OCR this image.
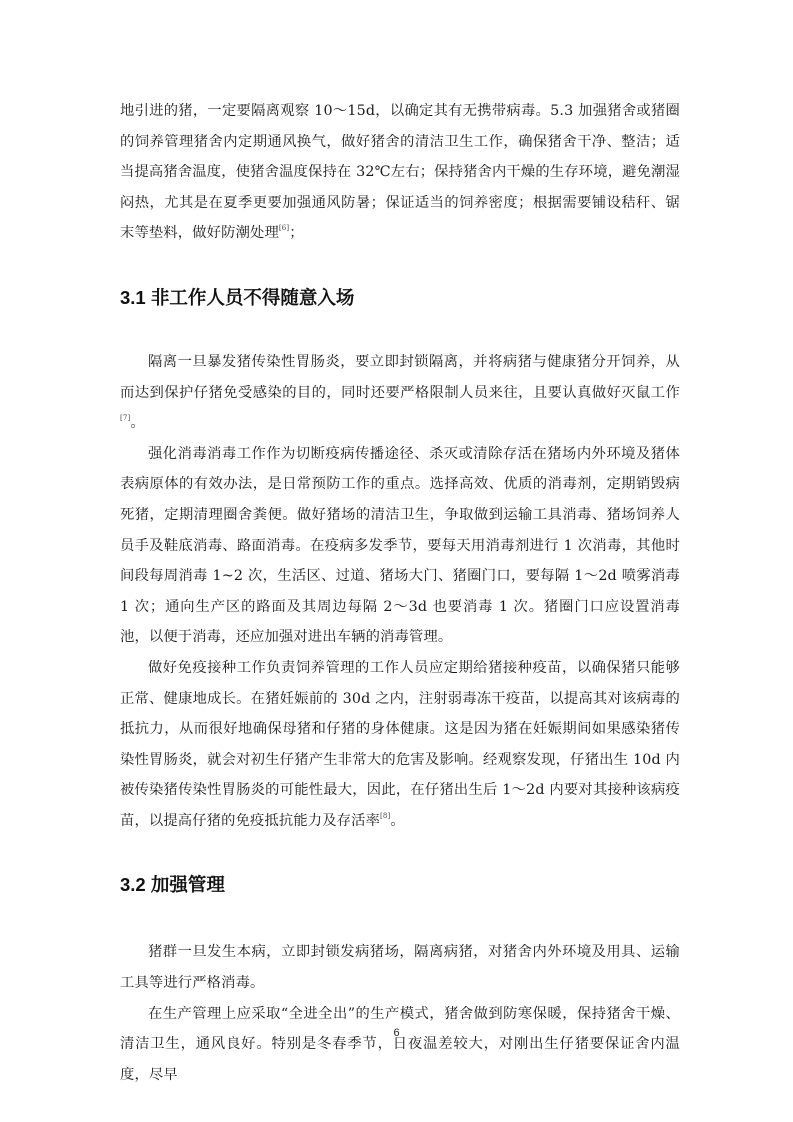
地引进的猪，一定要隔离观察 10～15d，以确定其有无携带病毒。5.3 加强猪舍或猪圈的饲养管理猪舍内定期通风换气，做好猪舍的清洁卫生工作，确保猪舍干净、整洁；适当提高猪舍温度，使猪舍温度保持在 32℃左右；保持猪舍内干燥的生存环境，避免潮湿闷热，尤其是在夏季更要加强通风防暑；保证适当的饲养密度；根据需要铺设秸秆、锯末等垫料，做好防潮处理[6]；

3.1 非工作人员不得随意入场

隔离一旦暴发猪传染性胃肠炎，要立即封锁隔离，并将病猪与健康猪分开饲养，从而达到保护仔猪免受感染的目的，同时还要严格限制人员来往，且要认真做好灭鼠工作[7]。

强化消毒消毒工作作为切断疫病传播途径、杀灭或清除存活在猪场内外环境及猪体表病原体的有效办法，是日常预防工作的重点。选择高效、优质的消毒剂，定期销毁病死猪，定期清理圈舍粪便。做好猪场的清洁卫生，争取做到运输工具消毒、猪场饲养人员手及鞋底消毒、路面消毒。在疫病多发季节，要每天用消毒剂进行 1 次消毒，其他时间段每周消毒 1~2 次，生活区、过道、猪场大门、猪圈门口，要每隔 1～2d 喷雾消毒 1 次；通向生产区的路面及其周边每隔 2～3d 也要消毒 1 次。猪圈门口应设置消毒池，以便于消毒，还应加强对进出车辆的消毒管理。

做好免疫接种工作负责饲养管理的工作人员应定期给猪接种疫苗，以确保猪只能够正常、健康地成长。在猪妊娠前的 30d 之内，注射弱毒冻干疫苗，以提高其对该病毒的抵抗力，从而很好地确保母猪和仔猪的身体健康。这是因为猪在妊娠期间如果感染猪传染性胃肠炎，就会对初生仔猪产生非常大的危害及影响。经观察发现，仔猪出生 10d 内被传染猪传染性胃肠炎的可能性最大，因此，在仔猪出生后 1～2d 内要对其接种该病疫苗，以提高仔猪的免疫抵抗能力及存活率[8]。

3.2 加强管理

猪群一旦发生本病，立即封锁发病猪场，隔离病猪，对猪舍内外环境及用具、运输工具等进行严格消毒。

在生产管理上应采取“全进全出”的生产模式，猪舍做到防寒保暖，保持猪舍干燥、清洁卫生，通风良好。特别是冬春季节，日夜温差较大，对刚出生仔猪要保证舍内温度，尽早

6
